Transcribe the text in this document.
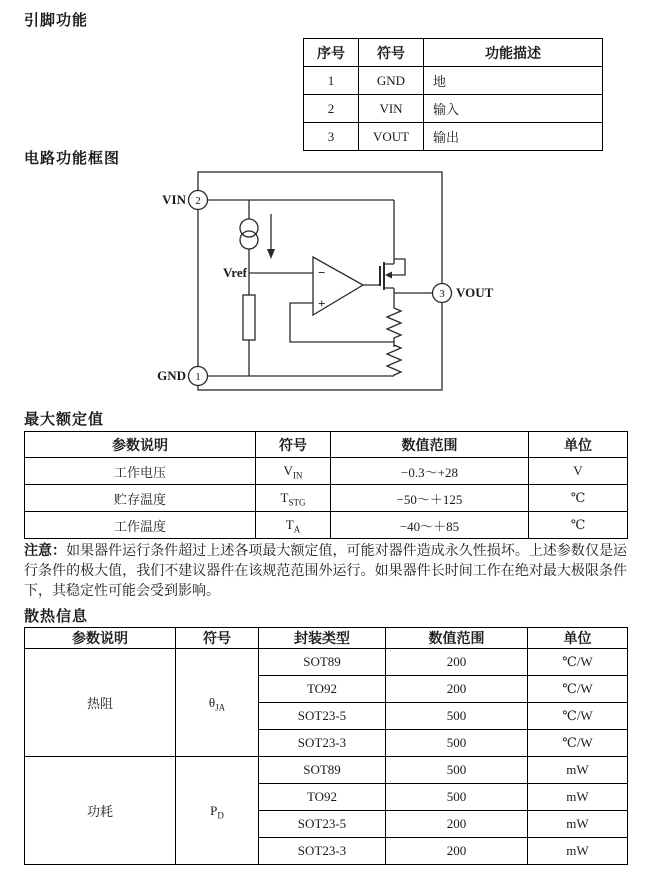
引脚功能
电路功能框图
最大额定值
散热信息
序号	符号	功能描述
1	GND	地
2	VIN	输入
3	VOUT	输出
−
+
2
VIN
1
GND
3 VOUT
Vref
参数说明	符号	数值范围	单位
工作电压	$V_{IN}$	−0.3～+28	V
贮存温度	$T_{STG}$	−50～＋125	℃
工作温度	$T_A$	−40～＋85	℃
注意：如果器件运行条件超过上述各项最大额定值，可能对器件造成永久性损坏。上述参数仅是运行条件的极大值，我们不建议器件在该规范范围外运行。如果器件长时间工作在绝对最大极限条件下，其稳定性可能会受到影响。
参数说明	符号	封装类型	数值范围	单位
热阻	$\theta_{JA}$	SOT89	200	℃/W
		TO92	200	℃/W
		SOT23-5	500	℃/W
		SOT23-3	500	℃/W
功耗	$P_D$	SOT89	500	mW
		TO92	500	mW
		SOT23-5	200	mW
		SOT23-3	200	mW
